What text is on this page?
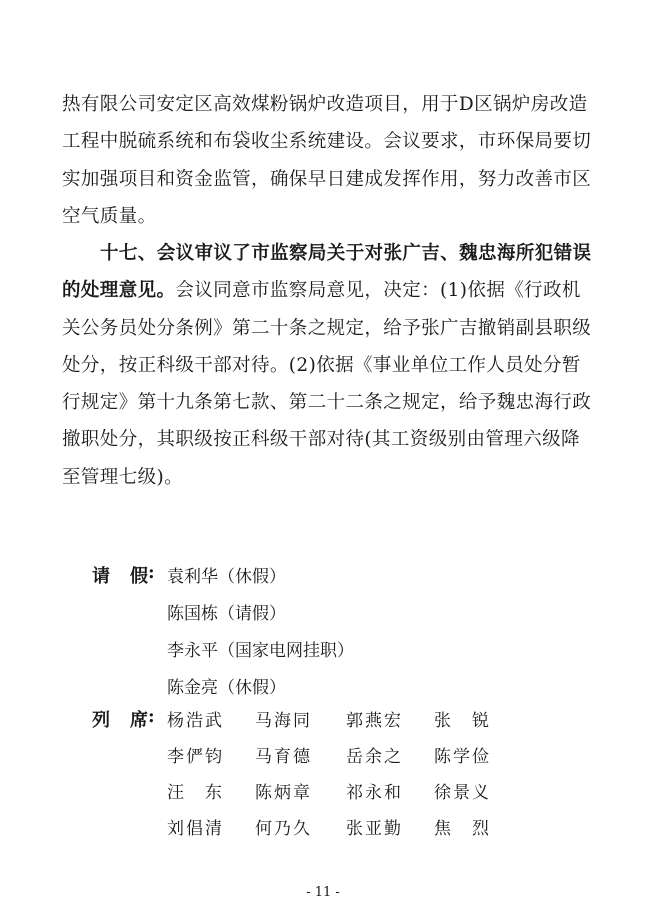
热有限公司安定区高效煤粉锅炉改造项目，用于D区锅炉房改造

工程中脱硫系统和布袋收尘系统建设。会议要求，市环保局要切

实加强项目和资金监管，确保早日建成发挥作用，努力改善市区

空气质量。

十七、会议审议了市监察局关于对张广吉、魏忠海所犯错误

的处理意见。会议同意市监察局意见，决定：(1)依据《行政机

关公务员处分条例》第二十条之规定，给予张广吉撤销副县职级

处分，按正科级干部对待。(2)依据《事业单位工作人员处分暂

行规定》第十九条第七款、第二十二条之规定，给予魏忠海行政

撤职处分，其职级按正科级干部对待(其工资级别由管理六级降

至管理七级)。

请 假 : 袁利华（休假）
陈国栋（请假）
李永平（国家电网挂职）
陈金亮（休假）
列 席 : 杨浩武 马海同 郭燕宏 张　锐
李俨钧 马育德 岳余之 陈学俭
汪　东 陈炳章 祁永和 徐景义
刘倡清 何乃久 张亚勤 焦　烈
- 11 -
